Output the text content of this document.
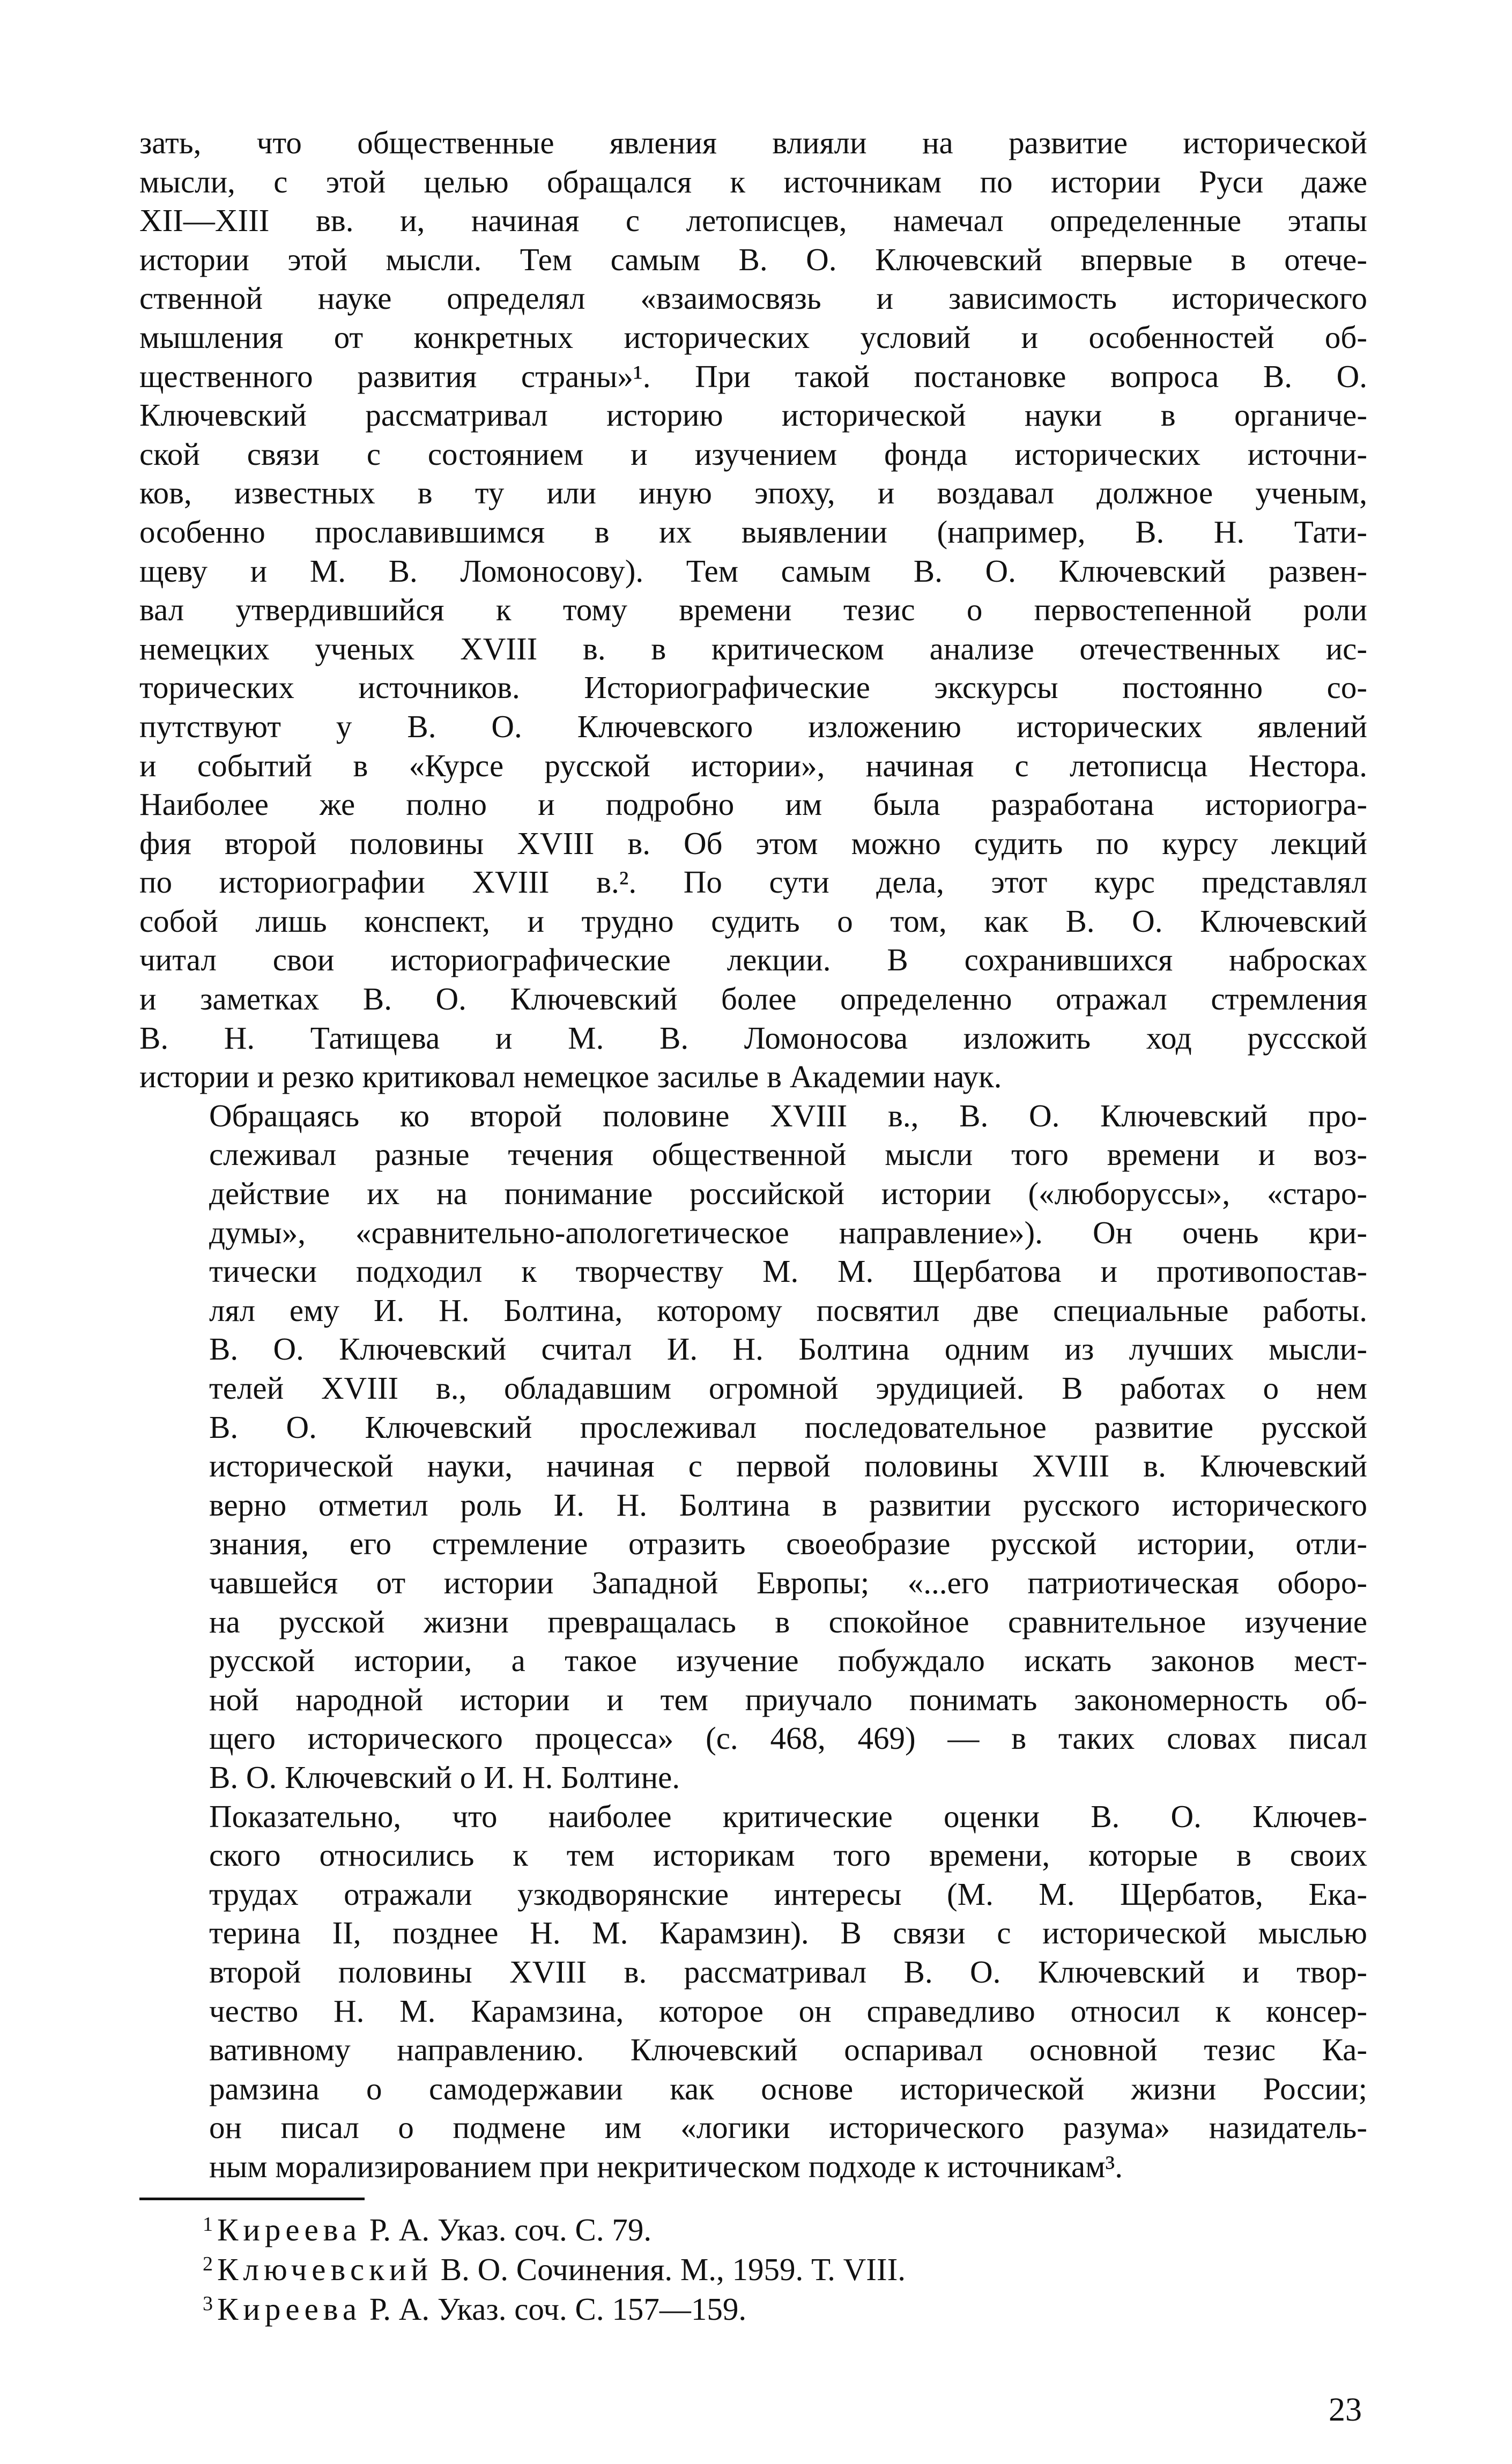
зать, что общественные явления влияли на развитие исторической
мысли, с этой целью обращался к источникам по истории Руси даже
XII—XIII вв. и, начиная с летописцев, намечал определенные этапы
истории этой мысли. Тем самым В. О. Ключевский впервые в отече-
ственной науке определял «взаимосвязь и зависимость исторического
мышления от конкретных исторических условий и особенностей об-
щественного развития страны»¹. При такой постановке вопроса В. О.
Ключевский рассматривал историю исторической науки в органиче-
ской связи с состоянием и изучением фонда исторических источни-
ков, известных в ту или иную эпоху, и воздавал должное ученым,
особенно прославившимся в их выявлении (например, В. Н. Тати-
щеву и М. В. Ломоносову). Тем самым В. О. Ключевский развен-
вал утвердившийся к тому времени тезис о первостепенной роли
немецких ученых XVIII в. в критическом анализе отечественных ис-
торических источников. Историографические экскурсы постоянно со-
путствуют у В. О. Ключевского изложению исторических явлений
и событий в «Курсе русской истории», начиная с летописца Нестора.
Наиболее же полно и подробно им была разработана историогра-
фия второй половины XVIII в. Об этом можно судить по курсу лекций
по историографии XVIII в.². По сути дела, этот курс представлял
собой лишь конспект, и трудно судить о том, как В. О. Ключевский
читал свои историографические лекции. В сохранившихся набросках
и заметках В. О. Ключевский более определенно отражал стремления
В. Н. Татищева и М. В. Ломоносова изложить ход руссской
истории и резко критиковал немецкое засилье в Академии наук.

Обращаясь ко второй половине XVIII в., В. О. Ключевский про-
слеживал разные течения общественной мысли того времени и воз-
действие их на понимание российской истории («люборуссы», «старо-
думы», «сравнительно-апологетическое направление»). Он очень кри-
тически подходил к творчеству М. М. Щербатова и противопостав-
лял ему И. Н. Болтина, которому посвятил две специальные работы.
В. О. Ключевский считал И. Н. Болтина одним из лучших мысли-
телей XVIII в., обладавшим огромной эрудицией. В работах о нем
В. О. Ключевский прослеживал последовательное развитие русской
исторической науки, начиная с первой половины XVIII в. Ключевский
верно отметил роль И. Н. Болтина в развитии русского исторического
знания, его стремление отразить своеобразие русской истории, отли-
чавшейся от истории Западной Европы; «...его патриотическая оборо-
на русской жизни превращалась в спокойное сравнительное изучение
русской истории, а такое изучение побуждало искать законов мест-
ной народной истории и тем приучало понимать закономерность об-
щего исторического процесса» (с. 468, 469) — в таких словах писал
В. О. Ключевский о И. Н. Болтине.

Показательно, что наиболее критические оценки В. О. Ключев-
ского относились к тем историкам того времени, которые в своих
трудах отражали узкодворянские интересы (М. М. Щербатов, Ека-
терина II, позднее Н. М. Карамзин). В связи с исторической мыслью
второй половины XVIII в. рассматривал В. О. Ключевский и твор-
чество Н. М. Карамзина, которое он справедливо относил к консер-
вативному направлению. Ключевский оспаривал основной тезис Ка-
рамзина о самодержавии как основе исторической жизни России;
он писал о подмене им «логики исторического разума» назидатель-
ным морализированием при некритическом подходе к источникам³.

1 Киреева Р. А. Указ. соч. С. 79.
2 Ключевский В. О. Сочинения. М., 1959. Т. VIII.
3 Киреева Р. А. Указ. соч. С. 157—159.
23
